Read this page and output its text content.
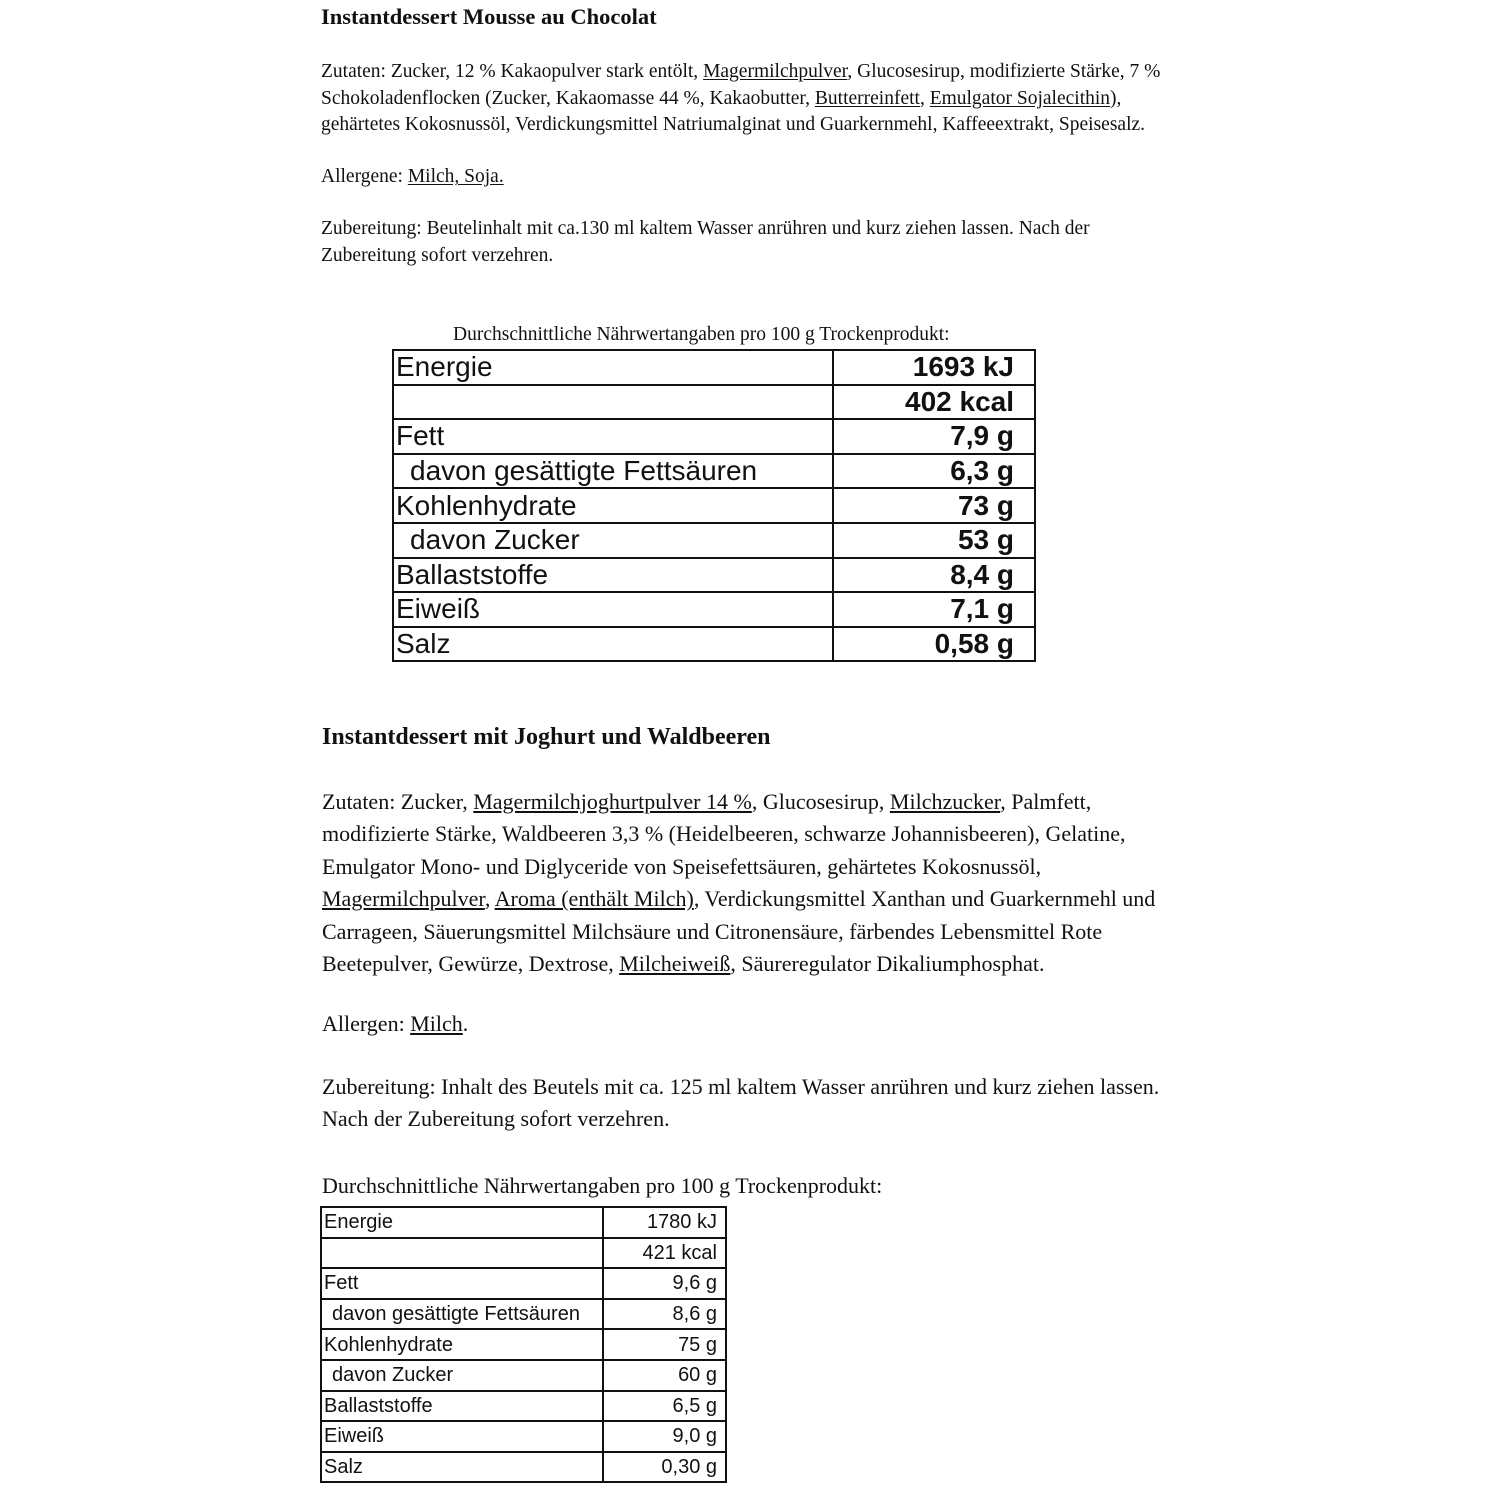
Instantdessert Mousse au Chocolat

Zutaten: Zucker, 12 % Kakaopulver stark entölt, Magermilchpulver, Glucosesirup, modifizierte Stärke, 7 % Schokoladenflocken (Zucker, Kakaomasse 44 %, Kakaobutter, Butterreinfett, Emulgator Sojalecithin), gehärtetes Kokosnussöl, Verdickungsmittel Natriumalginat und Guarkernmehl, Kaffeeextrakt, Speisesalz.

Allergene: Milch, Soja.

Zubereitung: Beutelinhalt mit ca.130 ml kaltem Wasser anrühren und kurz ziehen lassen. Nach der Zubereitung sofort verzehren.

Durchschnittliche Nährwertangaben pro 100 g Trockenprodukt:
Energie	1693 kJ
	402 kcal
Fett	7,9 g
davon gesättigte Fettsäuren	6,3 g
Kohlenhydrate	73 g
davon Zucker	53 g
Ballaststoffe	8,4 g
Eiweiß	7,1 g
Salz	0,58 g
Instantdessert mit Joghurt und Waldbeeren

Zutaten: Zucker, Magermilchjoghurtpulver 14 %, Glucosesirup, Milchzucker, Palmfett, modifizierte Stärke, Waldbeeren 3,3 % (Heidelbeeren, schwarze Johannisbeeren), Gelatine, Emulgator Mono- und Diglyceride von Speisefettsäuren, gehärtetes Kokosnussöl, Magermilchpulver, Aroma (enthält Milch), Verdickungsmittel Xanthan und Guarkernmehl und Carrageen, Säuerungsmittel Milchsäure und Citronensäure, färbendes Lebensmittel Rote Beetepulver, Gewürze, Dextrose, Milcheiweiß, Säureregulator Dikaliumphosphat.

Allergen: Milch.

Zubereitung: Inhalt des Beutels mit ca. 125 ml kaltem Wasser anrühren und kurz ziehen lassen. Nach der Zubereitung sofort verzehren.

Durchschnittliche Nährwertangaben pro 100 g Trockenprodukt:
Energie	1780 kJ
	421 kcal
Fett	9,6 g
davon gesättigte Fettsäuren	8,6 g
Kohlenhydrate	75 g
davon Zucker	60 g
Ballaststoffe	6,5 g
Eiweiß	9,0 g
Salz	0,30 g
